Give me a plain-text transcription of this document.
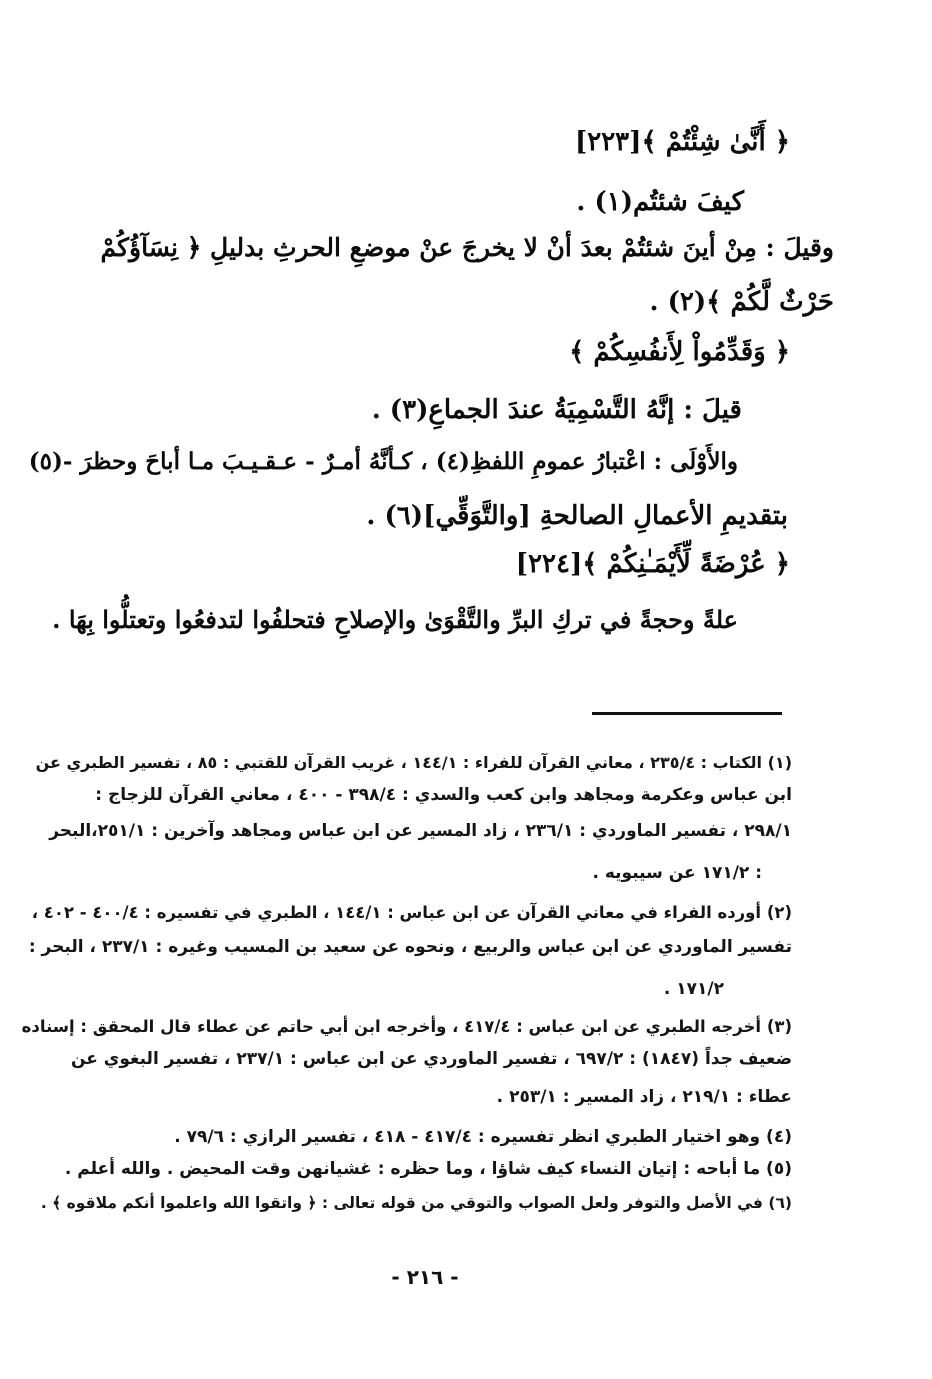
﴿ أَنَّىٰ شِئْتُمْ ﴾[٢٢٣]
كيفَ شئتُم(١) .
وقيلَ : مِنْ أينَ شئتُمْ بعدَ أنْ لا يخرجَ عنْ موضعِ الحرثِ بدليلِ ﴿ نِسَآؤُكُمْ
حَرْثٌ لَّكُمْ ﴾(٢) .
﴿ وَقَدِّمُواْ لِأَنفُسِكُمْ ﴾
قيلَ : إنَّهُ التَّسْمِيَةُ عندَ الجماعِ(٣) .
والأَوْلَى : اعْتبارُ عمومِ اللفظِ(٤) ، كـأنَّهُ أمـرٌ - عـقـيـبَ مـا أباحَ وحظرَ -(٥)
بتقديمِ الأعمالِ الصالحةِ [والتَّوَقِّي](٦) .
﴿ عُرْضَةً لِّأَيْمَـٰنِكُمْ ﴾[٢٢٤]
علةً وحجةً في تركِ البرِّ والتَّقْوَىٰ والإصلاحِ فتحلفُوا لتدفعُوا وتعتلُّوا بِهَا .
(١) الكتاب : ٢٣٥/٤ ، معاني القرآن للفراء : ١٤٤/١ ، غريب القرآن للقتبي : ٨٥ ، تفسير الطبري عن
ابن عباس وعكرمة ومجاهد وابن كعب والسدي : ٣٩٨/٤ - ٤٠٠ ، معاني القرآن للزجاج :
٢٩٨/١ ، تفسير الماوردي : ٢٣٦/١ ، زاد المسير عن ابن عباس ومجاهد وآخرين : ٢٥١/١،البحر
: ١٧١/٢ عن سيبويه .
(٢) أورده الفراء في معاني القرآن عن ابن عباس : ١٤٤/١ ، الطبري في تفسيره : ٤٠٠/٤ - ٤٠٢ ،
تفسير الماوردي عن ابن عباس والربيع ، ونحوه عن سعيد بن المسيب وغيره : ٢٣٧/١ ، البحر :
١٧١/٢ .
(٣) أخرجه الطبري عن ابن عباس : ٤١٧/٤ ، وأخرجه ابن أبي حاتم عن عطاء قال المحقق : إسناده
ضعيف جداً (١٨٤٧) : ٦٩٧/٢ ، تفسير الماوردي عن ابن عباس : ٢٣٧/١ ، تفسير البغوي عن
عطاء : ٢١٩/١ ، زاد المسير : ٢٥٣/١ .
(٤) وهو اختيار الطبري انظر تفسيره : ٤١٧/٤ - ٤١٨ ، تفسير الرازي : ٧٩/٦ .
(٥) ما أباحه : إتيان النساء كيف شاؤا ، وما حظره : غشيانهن وقت المحيض . والله أعلم .
(٦) في الأصل والتوفر ولعل الصواب والتوقي من قوله تعالى : ﴿ واتقوا الله واعلموا أنكم ملاقوه ﴾ .
- ٢١٦ -
